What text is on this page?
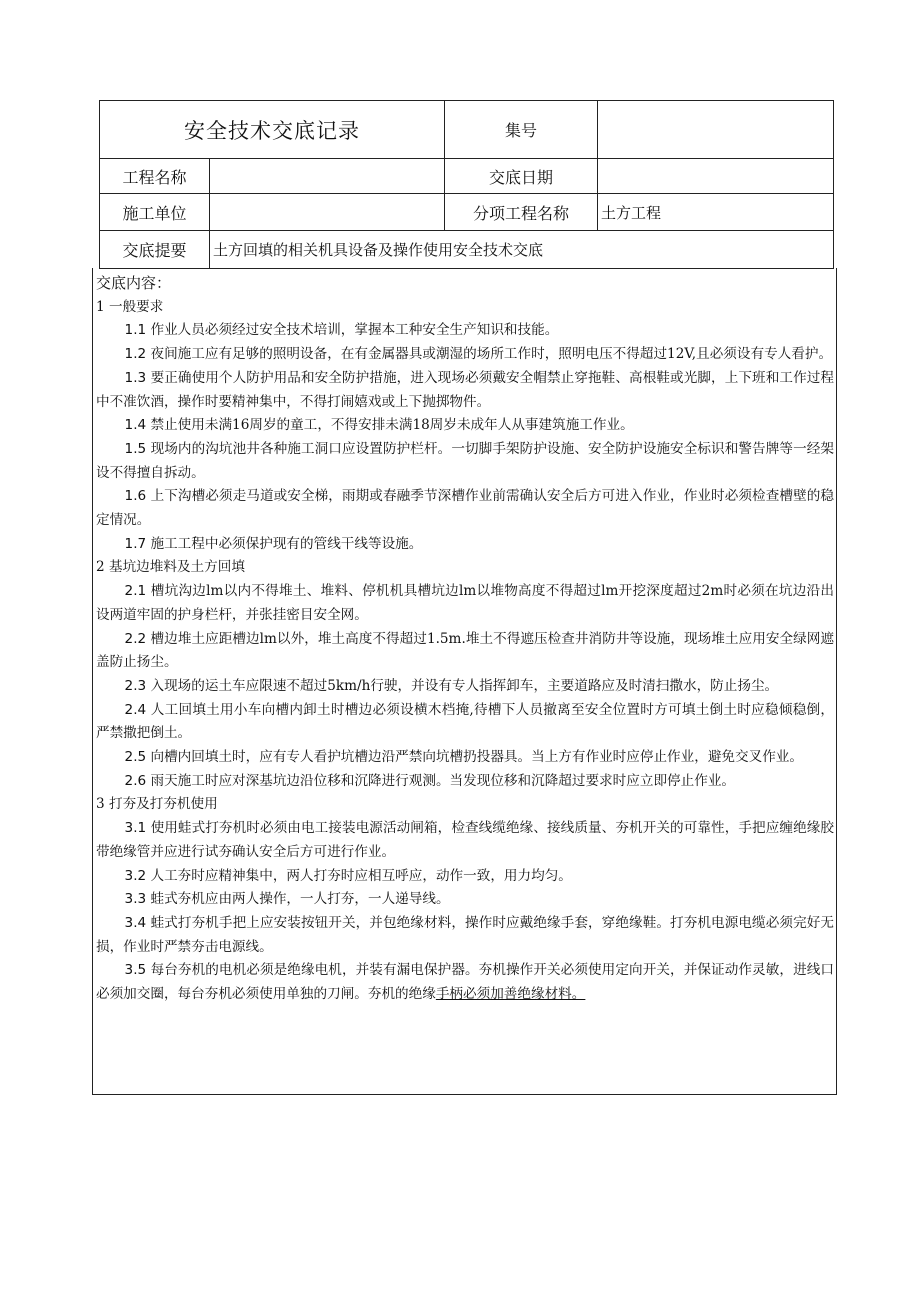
安全技术交底记录		集号	
工程名称		交底日期	
施工单位		分项工程名称	土方工程
交底提要	土方回填的相关机具设备及操作使用安全技术交底		

交底内容：

1 一般要求

1.1 作业人员必须经过安全技术培训，掌握本工种安全生产知识和技能。

1.2 夜间施工应有足够的照明设备，在有金属器具或潮湿的场所工作时，照明电压不得超过12V,且必须设有专人看护。

1.3 要正确使用个人防护用品和安全防护措施，进入现场必须戴安全帽禁止穿拖鞋、高根鞋或光脚，上下班和工作过程中不准饮酒，操作时要精神集中，不得打闹嬉戏或上下抛掷物件。

1.4 禁止使用未满16周岁的童工，不得安排未满18周岁未成年人从事建筑施工作业。

1.5 现场内的沟坑池井各种施工洞口应设置防护栏杆。一切脚手架防护设施、安全防护设施安全标识和警告牌等一经架设不得擅自拆动。

1.6 上下沟槽必须走马道或安全梯，雨期或春融季节深槽作业前需确认安全后方可进入作业，作业时必须检查槽壁的稳定情况。

1.7 施工工程中必须保护现有的管线干线等设施。

2 基坑边堆料及土方回填

2.1 槽坑沟边lm以内不得堆土、堆料、停机机具槽坑边lm以堆物高度不得超过lm开挖深度超过2m时必须在坑边沿出设两道牢固的护身栏杆，并张挂密目安全网。

2.2 槽边堆土应距槽边lm以外，堆土高度不得超过1.5m.堆土不得遮压检查井消防井等设施，现场堆土应用安全绿网遮盖防止扬尘。

2.3 入现场的运土车应限速不超过5km/h行驶，并设有专人指挥卸车，主要道路应及时清扫撒水，防止扬尘。

2.4 人工回填土用小车向槽内卸土时槽边必须设横木档掩,待槽下人员撤离至安全位置时方可填土倒土时应稳倾稳倒，严禁撒把倒土。

2.5 向槽内回填土时，应有专人看护坑槽边沿严禁向坑槽扔投器具。当上方有作业时应停止作业，避免交叉作业。

2.6 雨天施工时应对深基坑边沿位移和沉降进行观测。当发现位移和沉降超过要求时应立即停止作业。

3 打夯及打夯机使用

3.1 使用蛙式打夯机时必须由电工接装电源活动闸箱，检查线缆绝缘、接线质量、夯机开关的可靠性，手把应缠绝缘胶带绝缘管并应进行试夯确认安全后方可进行作业。

3.2 人工夯时应精神集中，两人打夯时应相互呼应，动作一致，用力均匀。

3.3 蛙式夯机应由两人操作，一人打夯，一人递导线。

3.4 蛙式打夯机手把上应安装按钮开关，并包绝缘材料，操作时应戴绝缘手套，穿绝缘鞋。打夯机电源电缆必须完好无损，作业时严禁夯击电源线。

3.5 每台夯机的电机必须是绝缘电机，并装有漏电保护器。夯机操作开关必须使用定向开关，并保证动作灵敏，进线口必须加交圈，每台夯机必须使用单独的刀闸。夯机的绝缘手柄必须加善绝缘材料。
